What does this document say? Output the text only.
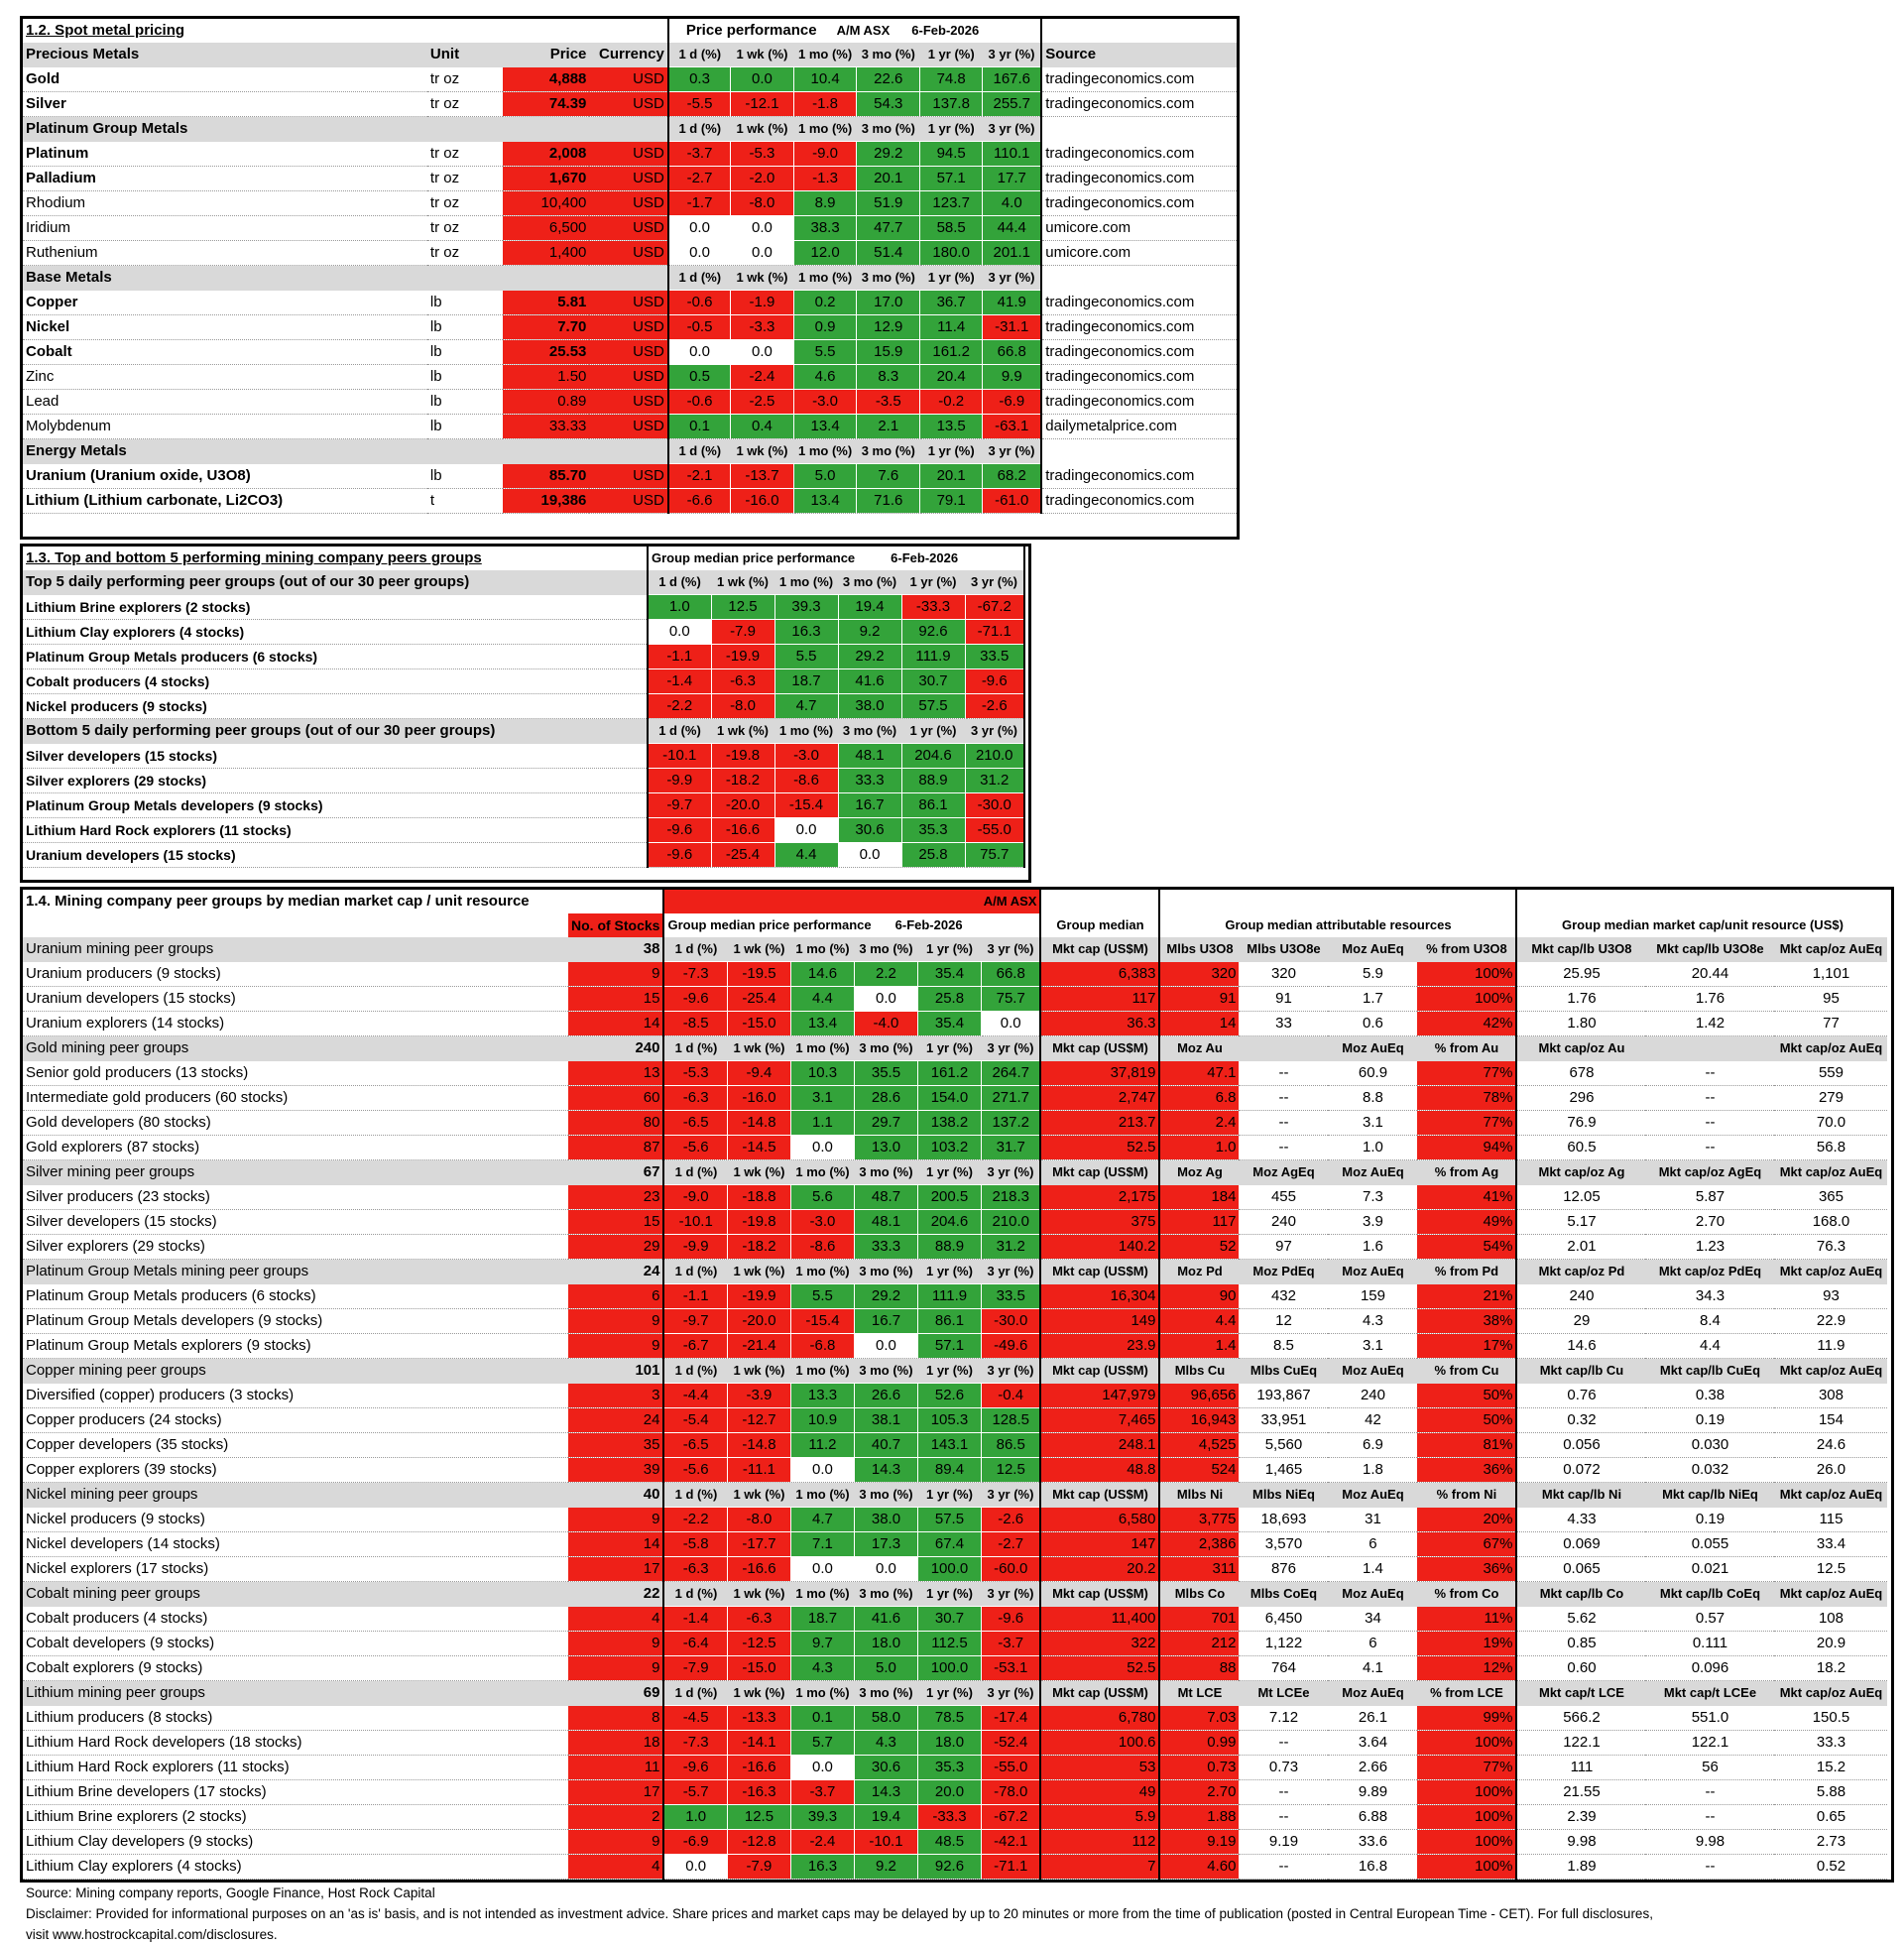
1.2. Spot metal pricing				Price performance A/M ASX 6-Feb-2026						
Precious Metals	Unit	Price	Currency	1 d (%)	1 wk (%)	1 mo (%)	3 mo (%)	1 yr (%)	3 yr (%)	Source
Gold	tr oz	4,888	USD	0.3	0.0	10.4	22.6	74.8	167.6	tradingeconomics.com
Silver	tr oz	74.39	USD	-5.5	-12.1	-1.8	54.3	137.8	255.7	tradingeconomics.com
Platinum Group Metals				1 d (%)	1 wk (%)	1 mo (%)	3 mo (%)	1 yr (%)	3 yr (%)	
Platinum	tr oz	2,008	USD	-3.7	-5.3	-9.0	29.2	94.5	110.1	tradingeconomics.com
Palladium	tr oz	1,670	USD	-2.7	-2.0	-1.3	20.1	57.1	17.7	tradingeconomics.com
Rhodium	tr oz	10,400	USD	-1.7	-8.0	8.9	51.9	123.7	4.0	tradingeconomics.com
Iridium	tr oz	6,500	USD	0.0	0.0	38.3	47.7	58.5	44.4	umicore.com
Ruthenium	tr oz	1,400	USD	0.0	0.0	12.0	51.4	180.0	201.1	umicore.com
Base Metals				1 d (%)	1 wk (%)	1 mo (%)	3 mo (%)	1 yr (%)	3 yr (%)	
Copper	lb	5.81	USD	-0.6	-1.9	0.2	17.0	36.7	41.9	tradingeconomics.com
Nickel	lb	7.70	USD	-0.5	-3.3	0.9	12.9	11.4	-31.1	tradingeconomics.com
Cobalt	lb	25.53	USD	0.0	0.0	5.5	15.9	161.2	66.8	tradingeconomics.com
Zinc	lb	1.50	USD	0.5	-2.4	4.6	8.3	20.4	9.9	tradingeconomics.com
Lead	lb	0.89	USD	-0.6	-2.5	-3.0	-3.5	-0.2	-6.9	tradingeconomics.com
Molybdenum	lb	33.33	USD	0.1	0.4	13.4	2.1	13.5	-63.1	dailymetalprice.com
Energy Metals				1 d (%)	1 wk (%)	1 mo (%)	3 mo (%)	1 yr (%)	3 yr (%)	
Uranium (Uranium oxide, U3O8)	lb	85.70	USD	-2.1	-13.7	5.0	7.6	20.1	68.2	tradingeconomics.com
Lithium (Lithium carbonate, Li2CO3)	t	19,386	USD	-6.6	-16.0	13.4	71.6	79.1	-61.0	tradingeconomics.com
1.3. Top and bottom 5 performing mining company peers groups	Group median price performance 6-Feb-2026					
Top 5 daily performing peer groups (out of our 30 peer groups)	1 d (%)	1 wk (%)	1 mo (%)	3 mo (%)	1 yr (%)	3 yr (%)
Lithium Brine explorers (2 stocks)	1.0	12.5	39.3	19.4	-33.3	-67.2
Lithium Clay explorers (4 stocks)	0.0	-7.9	16.3	9.2	92.6	-71.1
Platinum Group Metals producers (6 stocks)	-1.1	-19.9	5.5	29.2	111.9	33.5
Cobalt producers (4 stocks)	-1.4	-6.3	18.7	41.6	30.7	-9.6
Nickel producers (9 stocks)	-2.2	-8.0	4.7	38.0	57.5	-2.6
Bottom 5 daily performing peer groups (out of our 30 peer groups)	1 d (%)	1 wk (%)	1 mo (%)	3 mo (%)	1 yr (%)	3 yr (%)
Silver developers (15 stocks)	-10.1	-19.8	-3.0	48.1	204.6	210.0
Silver explorers (29 stocks)	-9.9	-18.2	-8.6	33.3	88.9	31.2
Platinum Group Metals developers (9 stocks)	-9.7	-20.0	-15.4	16.7	86.1	-30.0
Lithium Hard Rock explorers (11 stocks)	-9.6	-16.6	0.0	30.6	35.3	-55.0
Uranium developers (15 stocks)	-9.6	-25.4	4.4	0.0	25.8	75.7
1.4. Mining company peer groups by median market cap / unit resource		A/M ASX													
	No. of Stocks	Group median price performance 6-Feb-2026						Group median	Group median attributable resources				Group median market cap/unit resource (US$)		
Uranium mining peer groups	38	1 d (%)	1 wk (%)	1 mo (%)	3 mo (%)	1 yr (%)	3 yr (%)	Mkt cap (US$M)	Mlbs U3O8	Mlbs U3O8e	Moz AuEq	% from U3O8	Mkt cap/lb U3O8	Mkt cap/lb U3O8e	Mkt cap/oz AuEq
Uranium producers (9 stocks)	9	-7.3	-19.5	14.6	2.2	35.4	66.8	6,383	320	320	5.9	100%	25.95	20.44	1,101
Uranium developers (15 stocks)	15	-9.6	-25.4	4.4	0.0	25.8	75.7	117	91	91	1.7	100%	1.76	1.76	95
Uranium explorers (14 stocks)	14	-8.5	-15.0	13.4	-4.0	35.4	0.0	36.3	14	33	0.6	42%	1.80	1.42	77
Gold mining peer groups	240	1 d (%)	1 wk (%)	1 mo (%)	3 mo (%)	1 yr (%)	3 yr (%)	Mkt cap (US$M)	Moz Au		Moz AuEq	% from Au	Mkt cap/oz Au		Mkt cap/oz AuEq
Senior gold producers (13 stocks)	13	-5.3	-9.4	10.3	35.5	161.2	264.7	37,819	47.1	--	60.9	77%	678	--	559
Intermediate gold producers (60 stocks)	60	-6.3	-16.0	3.1	28.6	154.0	271.7	2,747	6.8	--	8.8	78%	296	--	279
Gold developers (80 stocks)	80	-6.5	-14.8	1.1	29.7	138.2	137.2	213.7	2.4	--	3.1	77%	76.9	--	70.0
Gold explorers (87 stocks)	87	-5.6	-14.5	0.0	13.0	103.2	31.7	52.5	1.0	--	1.0	94%	60.5	--	56.8
Silver mining peer groups	67	1 d (%)	1 wk (%)	1 mo (%)	3 mo (%)	1 yr (%)	3 yr (%)	Mkt cap (US$M)	Moz Ag	Moz AgEq	Moz AuEq	% from Ag	Mkt cap/oz Ag	Mkt cap/oz AgEq	Mkt cap/oz AuEq
Silver producers (23 stocks)	23	-9.0	-18.8	5.6	48.7	200.5	218.3	2,175	184	455	7.3	41%	12.05	5.87	365
Silver developers (15 stocks)	15	-10.1	-19.8	-3.0	48.1	204.6	210.0	375	117	240	3.9	49%	5.17	2.70	168.0
Silver explorers (29 stocks)	29	-9.9	-18.2	-8.6	33.3	88.9	31.2	140.2	52	97	1.6	54%	2.01	1.23	76.3
Platinum Group Metals mining peer groups	24	1 d (%)	1 wk (%)	1 mo (%)	3 mo (%)	1 yr (%)	3 yr (%)	Mkt cap (US$M)	Moz Pd	Moz PdEq	Moz AuEq	% from Pd	Mkt cap/oz Pd	Mkt cap/oz PdEq	Mkt cap/oz AuEq
Platinum Group Metals producers (6 stocks)	6	-1.1	-19.9	5.5	29.2	111.9	33.5	16,304	90	432	159	21%	240	34.3	93
Platinum Group Metals developers (9 stocks)	9	-9.7	-20.0	-15.4	16.7	86.1	-30.0	149	4.4	12	4.3	38%	29	8.4	22.9
Platinum Group Metals explorers (9 stocks)	9	-6.7	-21.4	-6.8	0.0	57.1	-49.6	23.9	1.4	8.5	3.1	17%	14.6	4.4	11.9
Copper mining peer groups	101	1 d (%)	1 wk (%)	1 mo (%)	3 mo (%)	1 yr (%)	3 yr (%)	Mkt cap (US$M)	Mlbs Cu	Mlbs CuEq	Moz AuEq	% from Cu	Mkt cap/lb Cu	Mkt cap/lb CuEq	Mkt cap/oz AuEq
Diversified (copper) producers (3 stocks)	3	-4.4	-3.9	13.3	26.6	52.6	-0.4	147,979	96,656	193,867	240	50%	0.76	0.38	308
Copper producers (24 stocks)	24	-5.4	-12.7	10.9	38.1	105.3	128.5	7,465	16,943	33,951	42	50%	0.32	0.19	154
Copper developers (35 stocks)	35	-6.5	-14.8	11.2	40.7	143.1	86.5	248.1	4,525	5,560	6.9	81%	0.056	0.030	24.6
Copper explorers (39 stocks)	39	-5.6	-11.1	0.0	14.3	89.4	12.5	48.8	524	1,465	1.8	36%	0.072	0.032	26.0
Nickel mining peer groups	40	1 d (%)	1 wk (%)	1 mo (%)	3 mo (%)	1 yr (%)	3 yr (%)	Mkt cap (US$M)	Mlbs Ni	Mlbs NiEq	Moz AuEq	% from Ni	Mkt cap/lb Ni	Mkt cap/lb NiEq	Mkt cap/oz AuEq
Nickel producers (9 stocks)	9	-2.2	-8.0	4.7	38.0	57.5	-2.6	6,580	3,775	18,693	31	20%	4.33	0.19	115
Nickel developers (14 stocks)	14	-5.8	-17.7	7.1	17.3	67.4	-2.7	147	2,386	3,570	6	67%	0.069	0.055	33.4
Nickel explorers (17 stocks)	17	-6.3	-16.6	0.0	0.0	100.0	-60.0	20.2	311	876	1.4	36%	0.065	0.021	12.5
Cobalt mining peer groups	22	1 d (%)	1 wk (%)	1 mo (%)	3 mo (%)	1 yr (%)	3 yr (%)	Mkt cap (US$M)	Mlbs Co	Mlbs CoEq	Moz AuEq	% from Co	Mkt cap/lb Co	Mkt cap/lb CoEq	Mkt cap/oz AuEq
Cobalt producers (4 stocks)	4	-1.4	-6.3	18.7	41.6	30.7	-9.6	11,400	701	6,450	34	11%	5.62	0.57	108
Cobalt developers (9 stocks)	9	-6.4	-12.5	9.7	18.0	112.5	-3.7	322	212	1,122	6	19%	0.85	0.111	20.9
Cobalt explorers (9 stocks)	9	-7.9	-15.0	4.3	5.0	100.0	-53.1	52.5	88	764	4.1	12%	0.60	0.096	18.2
Lithium mining peer groups	69	1 d (%)	1 wk (%)	1 mo (%)	3 mo (%)	1 yr (%)	3 yr (%)	Mkt cap (US$M)	Mt LCE	Mt LCEe	Moz AuEq	% from LCE	Mkt cap/t LCE	Mkt cap/t LCEe	Mkt cap/oz AuEq
Lithium producers (8 stocks)	8	-4.5	-13.3	0.1	58.0	78.5	-17.4	6,780	7.03	7.12	26.1	99%	566.2	551.0	150.5
Lithium Hard Rock developers (18 stocks)	18	-7.3	-14.1	5.7	4.3	18.0	-52.4	100.6	0.99	--	3.64	100%	122.1	122.1	33.3
Lithium Hard Rock explorers (11 stocks)	11	-9.6	-16.6	0.0	30.6	35.3	-55.0	53	0.73	0.73	2.66	77%	111	56	15.2
Lithium Brine developers (17 stocks)	17	-5.7	-16.3	-3.7	14.3	20.0	-78.0	49	2.70	--	9.89	100%	21.55	--	5.88
Lithium Brine explorers (2 stocks)	2	1.0	12.5	39.3	19.4	-33.3	-67.2	5.9	1.88	--	6.88	100%	2.39	--	0.65
Lithium Clay developers (9 stocks)	9	-6.9	-12.8	-2.4	-10.1	48.5	-42.1	112	9.19	9.19	33.6	100%	9.98	9.98	2.73
Lithium Clay explorers (4 stocks)	4	0.0	-7.9	16.3	9.2	92.6	-71.1	7	4.60	--	16.8	100%	1.89	--	0.52
Source: Mining company reports, Google Finance, Host Rock Capital
Disclaimer: Provided for informational purposes on an 'as is' basis, and is not intended as investment advice. Share prices and market caps may be delayed by up to 20 minutes or more from the time of publication (posted in Central European Time - CET). For full disclosures,
visit www.hostrockcapital.com/disclosures.
